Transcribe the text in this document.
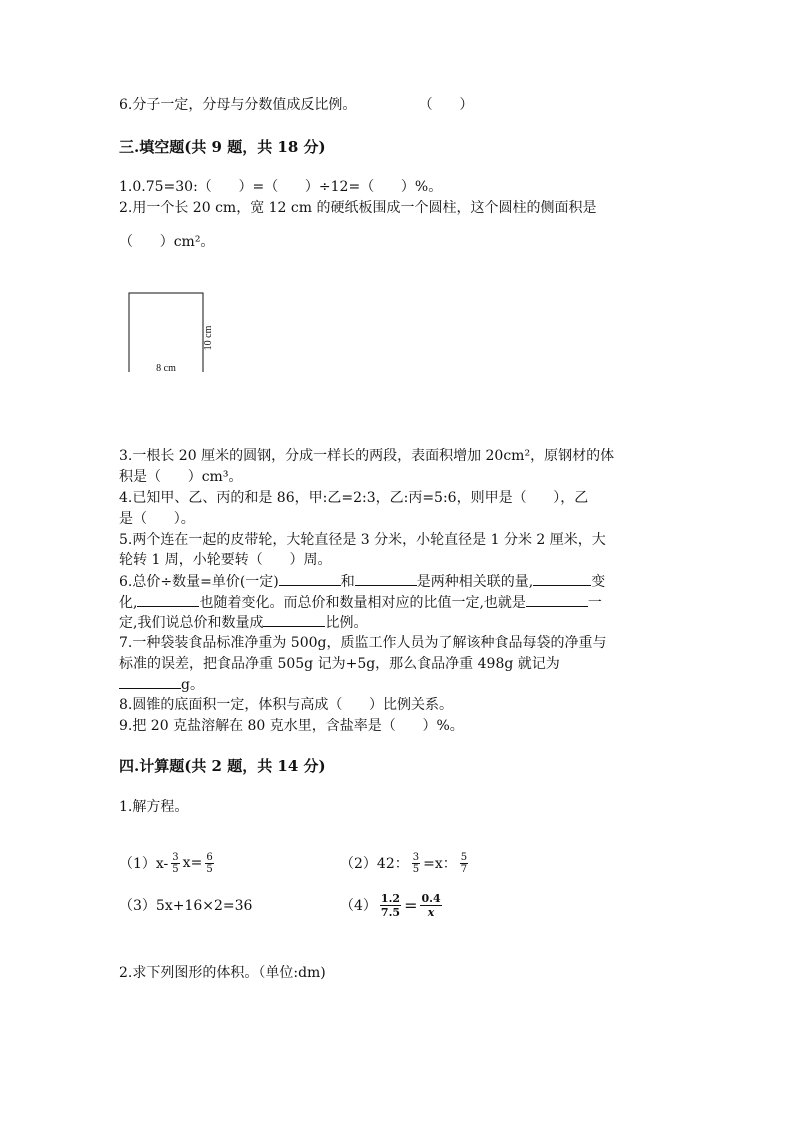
6.分子一定，分母与分数值成反比例。              （      ）
三.填空题(共 9 题，共 18 分)
1.0.75=30:（      ）=（      ）÷12=（      ）%。
2.用一个长 20 cm，宽 12 cm 的硬纸板围成一个圆柱，这个圆柱的侧面积是
（      ）cm²。
8 cm
10 cm
3.一根长 20 厘米的圆钢，分成一样长的两段，表面积增加 20cm²，原钢材的体
积是（      ）cm³。
4.已知甲、乙、丙的和是 86，甲:乙=2:3，乙:丙=5:6，则甲是（      ），乙
是（      ）。
5.两个连在一起的皮带轮，大轮直径是 3 分米，小轮直径是 1 分米 2 厘米，大
轮转 1 周，小轮要转（      ）周。
6.总价÷数量=单价(一定)	和	是两种相关联的量,	变
化,	也随着变化。而总价和数量相对应的比值一定,也就是	一
定,我们说总价和数量成	比例。
7.一种袋装食品标准净重为 500g，质监工作人员为了解该种食品每袋的净重与
标准的误差，把食品净重 505g 记为+5g，那么食品净重 498g 就记为
g。
8.圆锥的底面积一定，体积与高成（      ）比例关系。
9.把 20 克盐溶解在 80 克水里，含盐率是（      ）%。
四.计算题(共 2 题，共 14 分)
1.解方程。
$(1)x- \frac{3}{5} x= \frac{6}{5}$	（2）42： $\frac{3}{5} =x$： $\frac{5}{7}$
（3）5x+16×2=36	$(4) \frac{1.2}{7.5} = \frac{0.4}{x}$
2.求下列图形的体积。（单位:dm)
